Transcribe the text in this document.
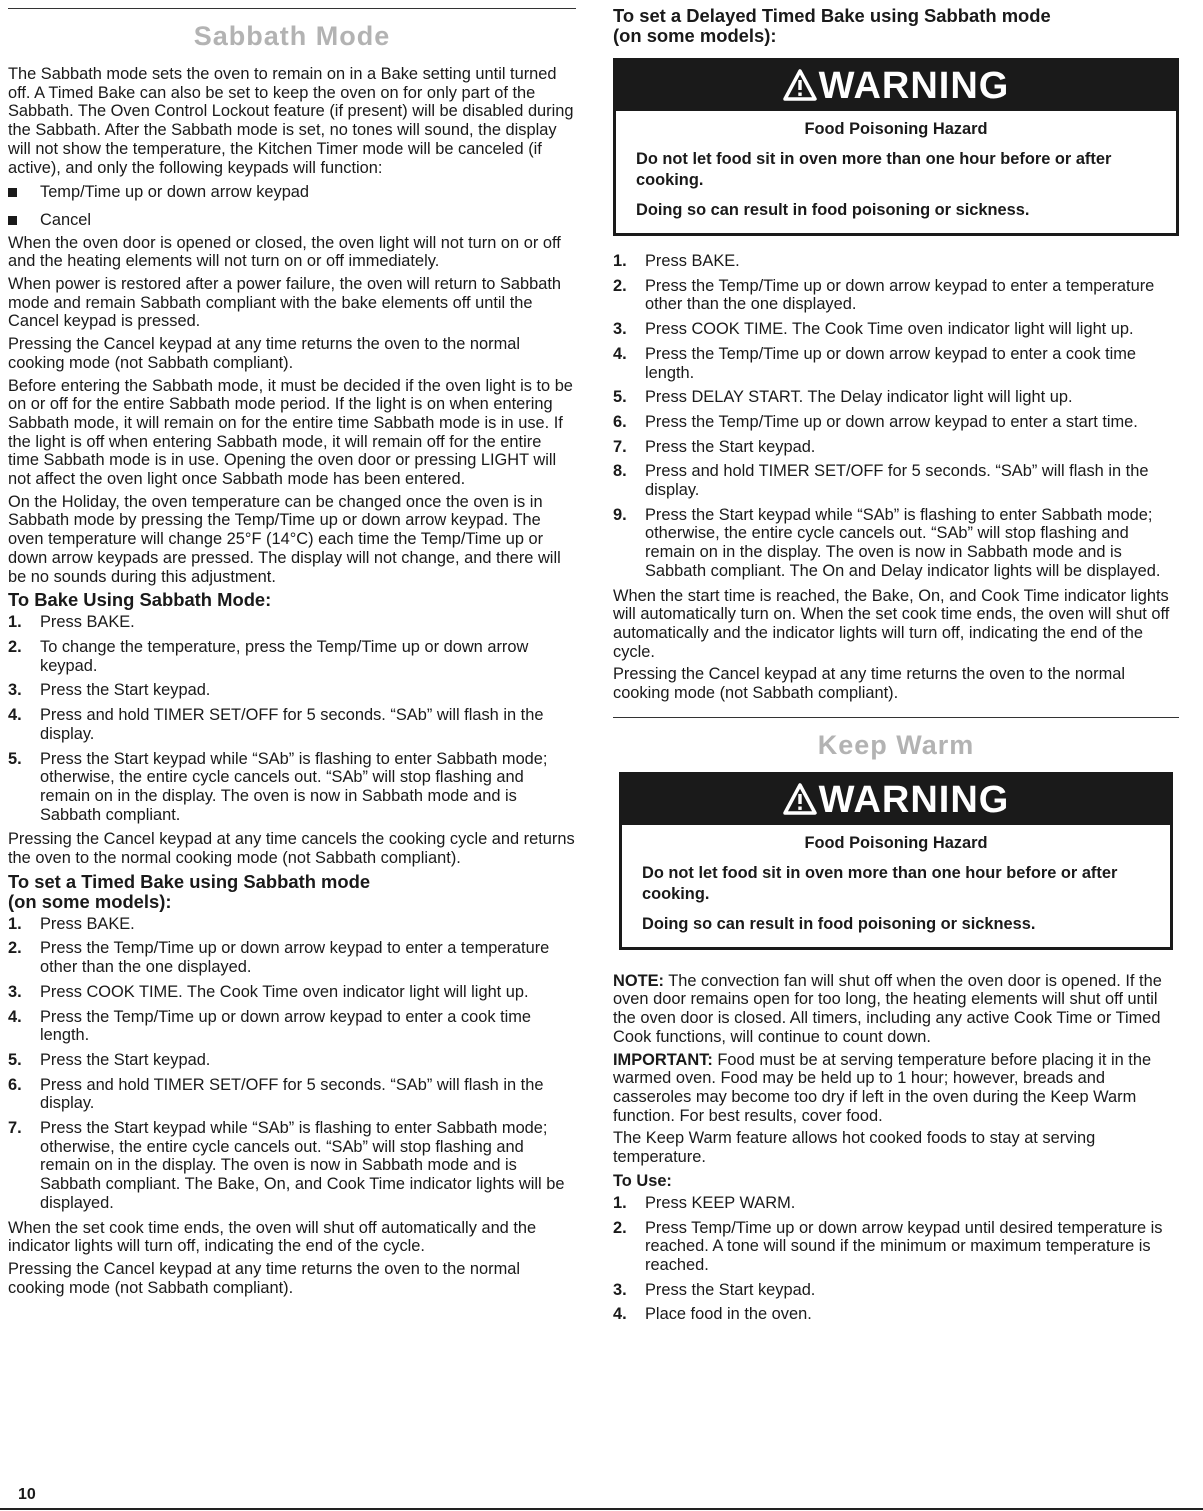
Sabbath Mode

The Sabbath mode sets the oven to remain on in a Bake setting until turned off. A Timed Bake can also be set to keep the oven on for only part of the Sabbath. The Oven Control Lockout feature (if present) will be disabled during the Sabbath. After the Sabbath mode is set, no tones will sound, the display will not show the temperature, the Kitchen Timer mode will be canceled (if active), and only the following keypads will function:

Temp/Time up or down arrow keypad
Cancel

When the oven door is opened or closed, the oven light will not turn on or off and the heating elements will not turn on or off immediately.

When power is restored after a power failure, the oven will return to Sabbath mode and remain Sabbath compliant with the bake elements off until the Cancel keypad is pressed.

Pressing the Cancel keypad at any time returns the oven to the normal cooking mode (not Sabbath compliant).

Before entering the Sabbath mode, it must be decided if the oven light is to be on or off for the entire Sabbath mode period. If the light is on when entering Sabbath mode, it will remain on for the entire time Sabbath mode is in use. If the light is off when entering Sabbath mode, it will remain off for the entire time Sabbath mode is in use. Opening the oven door or pressing LIGHT will not affect the oven light once Sabbath mode has been entered.

On the Holiday, the oven temperature can be changed once the oven is in Sabbath mode by pressing the Temp/Time up or down arrow keypad. The oven temperature will change 25°F (14°C) each time the Temp/Time up or down arrow keypads are pressed. The display will not change, and there will be no sounds during this adjustment.

To Bake Using Sabbath Mode:
1. Press BAKE.
2. To change the temperature, press the Temp/Time up or down arrow keypad.
3. Press the Start keypad.
4. Press and hold TIMER SET/OFF for 5 seconds. “SAb” will flash in the display.
5. Press the Start keypad while “SAb” is flashing to enter Sabbath mode; otherwise, the entire cycle cancels out. “SAb” will stop flashing and remain on in the display. The oven is now in Sabbath mode and is Sabbath compliant.

Pressing the Cancel keypad at any time cancels the cooking cycle and returns the oven to the normal cooking mode (not Sabbath compliant).

To set a Timed Bake using Sabbath mode
(on some models):
1. Press BAKE.
2. Press the Temp/Time up or down arrow keypad to enter a temperature other than the one displayed.
3. Press COOK TIME. The Cook Time oven indicator light will light up.
4. Press the Temp/Time up or down arrow keypad to enter a cook time length.
5. Press the Start keypad.
6. Press and hold TIMER SET/OFF for 5 seconds. “SAb” will flash in the display.
7. Press the Start keypad while “SAb” is flashing to enter Sabbath mode; otherwise, the entire cycle cancels out. “SAb” will stop flashing and remain on in the display. The oven is now in Sabbath mode and is Sabbath compliant. The Bake, On, and Cook Time indicator lights will be displayed.

When the set cook time ends, the oven will shut off automatically and the indicator lights will turn off, indicating the end of the cycle.

Pressing the Cancel keypad at any time returns the oven to the normal cooking mode (not Sabbath compliant).

To set a Delayed Timed Bake using Sabbath mode
(on some models):
WARNING
Food Poisoning Hazard
Do not let food sit in oven more than one hour before or after cooking.
Doing so can result in food poisoning or sickness.
1. Press BAKE.
2. Press the Temp/Time up or down arrow keypad to enter a temperature other than the one displayed.
3. Press COOK TIME. The Cook Time oven indicator light will light up.
4. Press the Temp/Time up or down arrow keypad to enter a cook time length.
5. Press DELAY START. The Delay indicator light will light up.
6. Press the Temp/Time up or down arrow keypad to enter a start time.
7. Press the Start keypad.
8. Press and hold TIMER SET/OFF for 5 seconds. “SAb” will flash in the display.
9. Press the Start keypad while “SAb” is flashing to enter Sabbath mode; otherwise, the entire cycle cancels out. “SAb” will stop flashing and remain on in the display. The oven is now in Sabbath mode and is Sabbath compliant. The On and Delay indicator lights will be displayed.

When the start time is reached, the Bake, On, and Cook Time indicator lights will automatically turn on. When the set cook time ends, the oven will shut off automatically and the indicator lights will turn off, indicating the end of the cycle.

Pressing the Cancel keypad at any time returns the oven to the normal cooking mode (not Sabbath compliant).

Keep Warm
WARNING
Food Poisoning Hazard
Do not let food sit in oven more than one hour before or after cooking.
Doing so can result in food poisoning or sickness.

NOTE: The convection fan will shut off when the oven door is opened. If the oven door remains open for too long, the heating elements will shut off until the oven door is closed. All timers, including any active Cook Time or Timed Cook functions, will continue to count down.

IMPORTANT: Food must be at serving temperature before placing it in the warmed oven. Food may be held up to 1 hour; however, breads and casseroles may become too dry if left in the oven during the Keep Warm function. For best results, cover food.

The Keep Warm feature allows hot cooked foods to stay at serving temperature.

To Use:
1. Press KEEP WARM.
2. Press Temp/Time up or down arrow keypad until desired temperature is reached. A tone will sound if the minimum or maximum temperature is reached.
3. Press the Start keypad.
4. Place food in the oven.
10
